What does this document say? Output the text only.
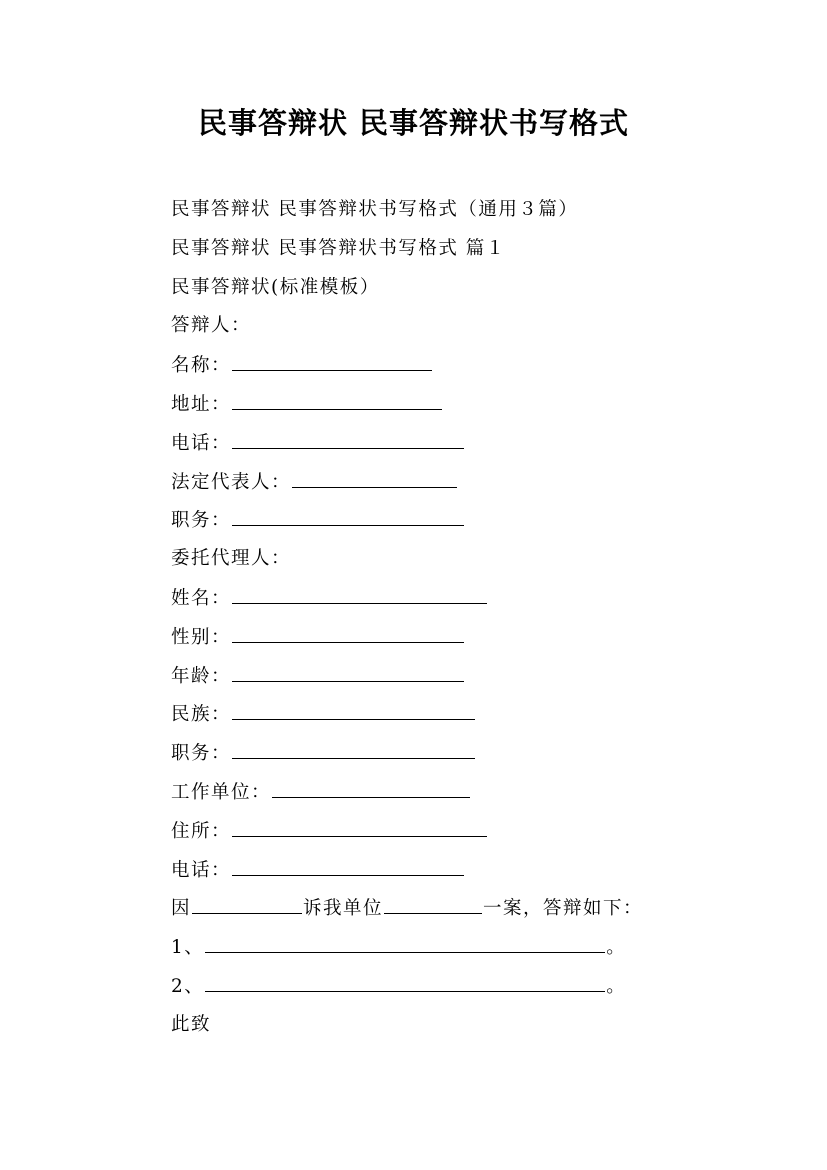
民事答辩状 民事答辩状书写格式
民事答辩状 民事答辩状书写格式（通用３篇）
民事答辩状 民事答辩状书写格式 篇１
民事答辩状(标准模板）
答辩人：
名称：
地址：
电话：
法定代表人：
职务：
委托代理人：
姓名：
性别：
年龄：
民族：
职务：
工作单位：
住所：
电话：
因	诉我单位	一案，答辩如下：
1、	。
2、	。
此致
